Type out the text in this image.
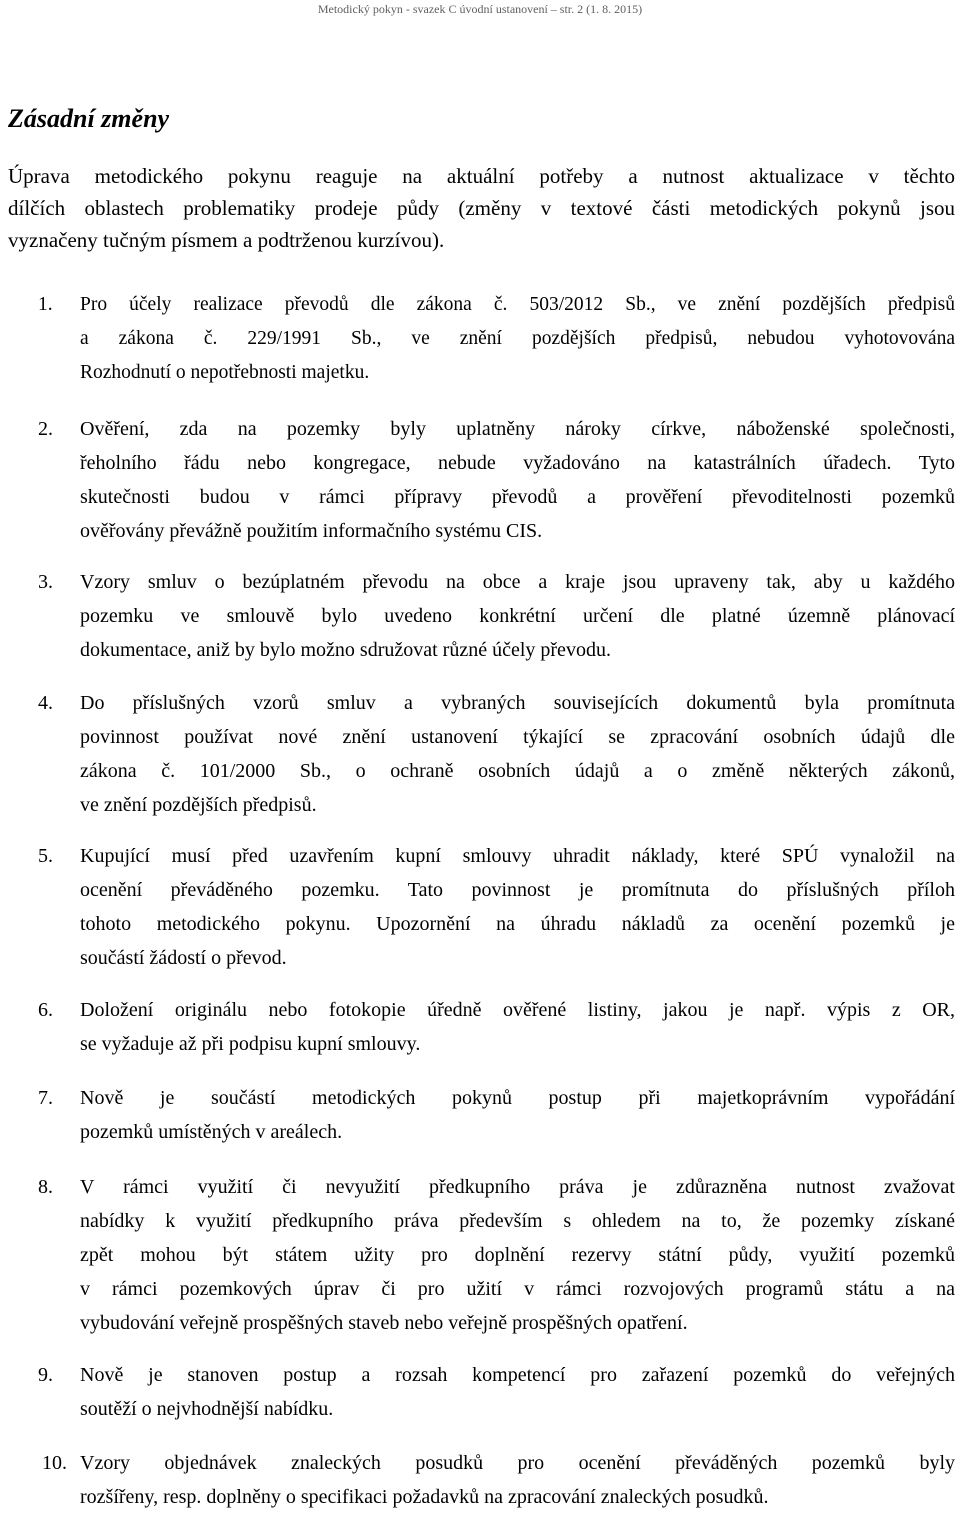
Metodický pokyn - svazek C úvodní ustanovení – str. 2 (1. 8. 2015)
Zásadní změny

Úprava metodického pokynu reaguje na aktuální potřeby a nutnost aktualizace v těchto
dílčích oblastech problematiky prodeje půdy (změny v textové části metodických pokynů jsou
vyznačeny tučným písmem a podtrženou kurzívou).

1. Pro účely realizace převodů dle zákona č. 503/2012 Sb., ve znění pozdějších předpisů
a zákona č. 229/1991 Sb., ve znění pozdějších předpisů, nebudou vyhotovována
Rozhodnutí o nepotřebnosti majetku.
2. Ověření, zda na pozemky byly uplatněny nároky církve, náboženské společnosti,
řeholního řádu nebo kongregace, nebude vyžadováno na katastrálních úřadech. Tyto
skutečnosti budou v rámci přípravy převodů a prověření převoditelnosti pozemků
ověřovány převážně použitím informačního systému CIS.
3. Vzory smluv o bezúplatném převodu na obce a kraje jsou upraveny tak, aby u každého
pozemku ve smlouvě bylo uvedeno konkrétní určení dle platné územně plánovací
dokumentace, aniž by bylo možno sdružovat různé účely převodu.
4. Do příslušných vzorů smluv a vybraných souvisejících dokumentů byla promítnuta
povinnost používat nové znění ustanovení týkající se zpracování osobních údajů dle
zákona č. 101/2000 Sb., o ochraně osobních údajů a o změně některých zákonů,
ve znění pozdějších předpisů.
5. Kupující musí před uzavřením kupní smlouvy uhradit náklady, které SPÚ vynaložil na
ocenění převáděného pozemku. Tato povinnost je promítnuta do příslušných příloh
tohoto metodického pokynu. Upozornění na úhradu nákladů za ocenění pozemků je
součástí žádostí o převod.
6. Doložení originálu nebo fotokopie úředně ověřené listiny, jakou je např. výpis z OR,
se vyžaduje až při podpisu kupní smlouvy.
7. Nově je součástí metodických pokynů postup při majetkoprávním vypořádání
pozemků umístěných v areálech.
8. V rámci využití či nevyužití předkupního práva je zdůrazněna nutnost zvažovat
nabídky k využití předkupního práva především s ohledem na to, že pozemky získané
zpět mohou být státem užity pro doplnění rezervy státní půdy, využití pozemků
v rámci pozemkových úprav či pro užití v rámci rozvojových programů státu a na
vybudování veřejně prospěšných staveb nebo veřejně prospěšných opatření.
9. Nově je stanoven postup a rozsah kompetencí pro zařazení pozemků do veřejných
soutěží o nejvhodnější nabídku.
10. Vzory objednávek znaleckých posudků pro ocenění převáděných pozemků byly
rozšířeny, resp. doplněny o specifikaci požadavků na zpracování znaleckých posudků.
